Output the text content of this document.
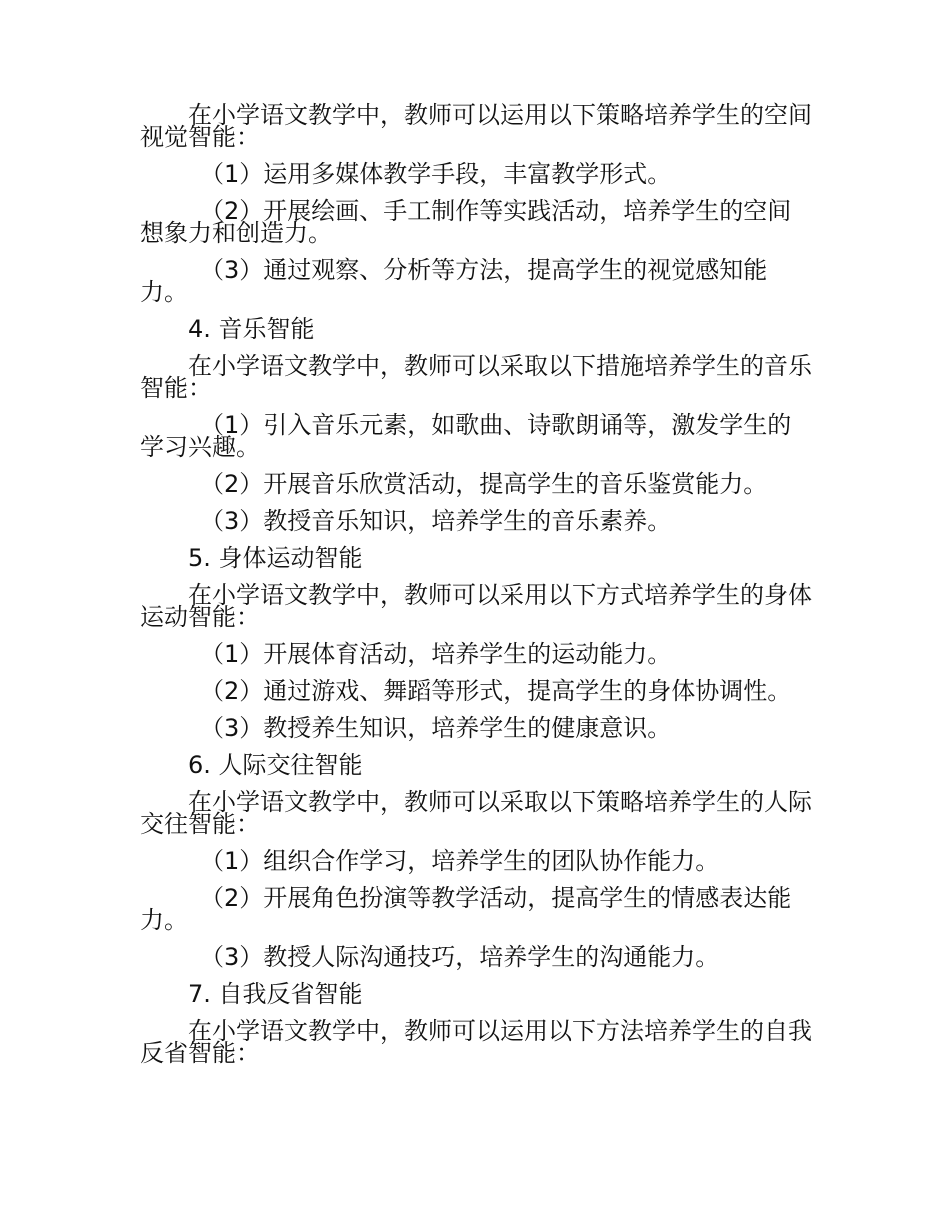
在小学语文教学中，教师可以运用以下策略培养学生的空间视觉智能：

（1）运用多媒体教学手段，丰富教学形式。

（2）开展绘画、手工制作等实践活动，培养学生的空间想象力和创造力。

（3）通过观察、分析等方法，提高学生的视觉感知能力。

4. 音乐智能

在小学语文教学中，教师可以采取以下措施培养学生的音乐智能：

（1）引入音乐元素，如歌曲、诗歌朗诵等，激发学生的学习兴趣。

（2）开展音乐欣赏活动，提高学生的音乐鉴赏能力。

（3）教授音乐知识，培养学生的音乐素养。

5. 身体运动智能

在小学语文教学中，教师可以采用以下方式培养学生的身体运动智能：

（1）开展体育活动，培养学生的运动能力。

（2）通过游戏、舞蹈等形式，提高学生的身体协调性。

（3）教授养生知识，培养学生的健康意识。

6. 人际交往智能

在小学语文教学中，教师可以采取以下策略培养学生的人际交往智能：

（1）组织合作学习，培养学生的团队协作能力。

（2）开展角色扮演等教学活动，提高学生的情感表达能力。

（3）教授人际沟通技巧，培养学生的沟通能力。

7. 自我反省智能

在小学语文教学中，教师可以运用以下方法培养学生的自我反省智能：
